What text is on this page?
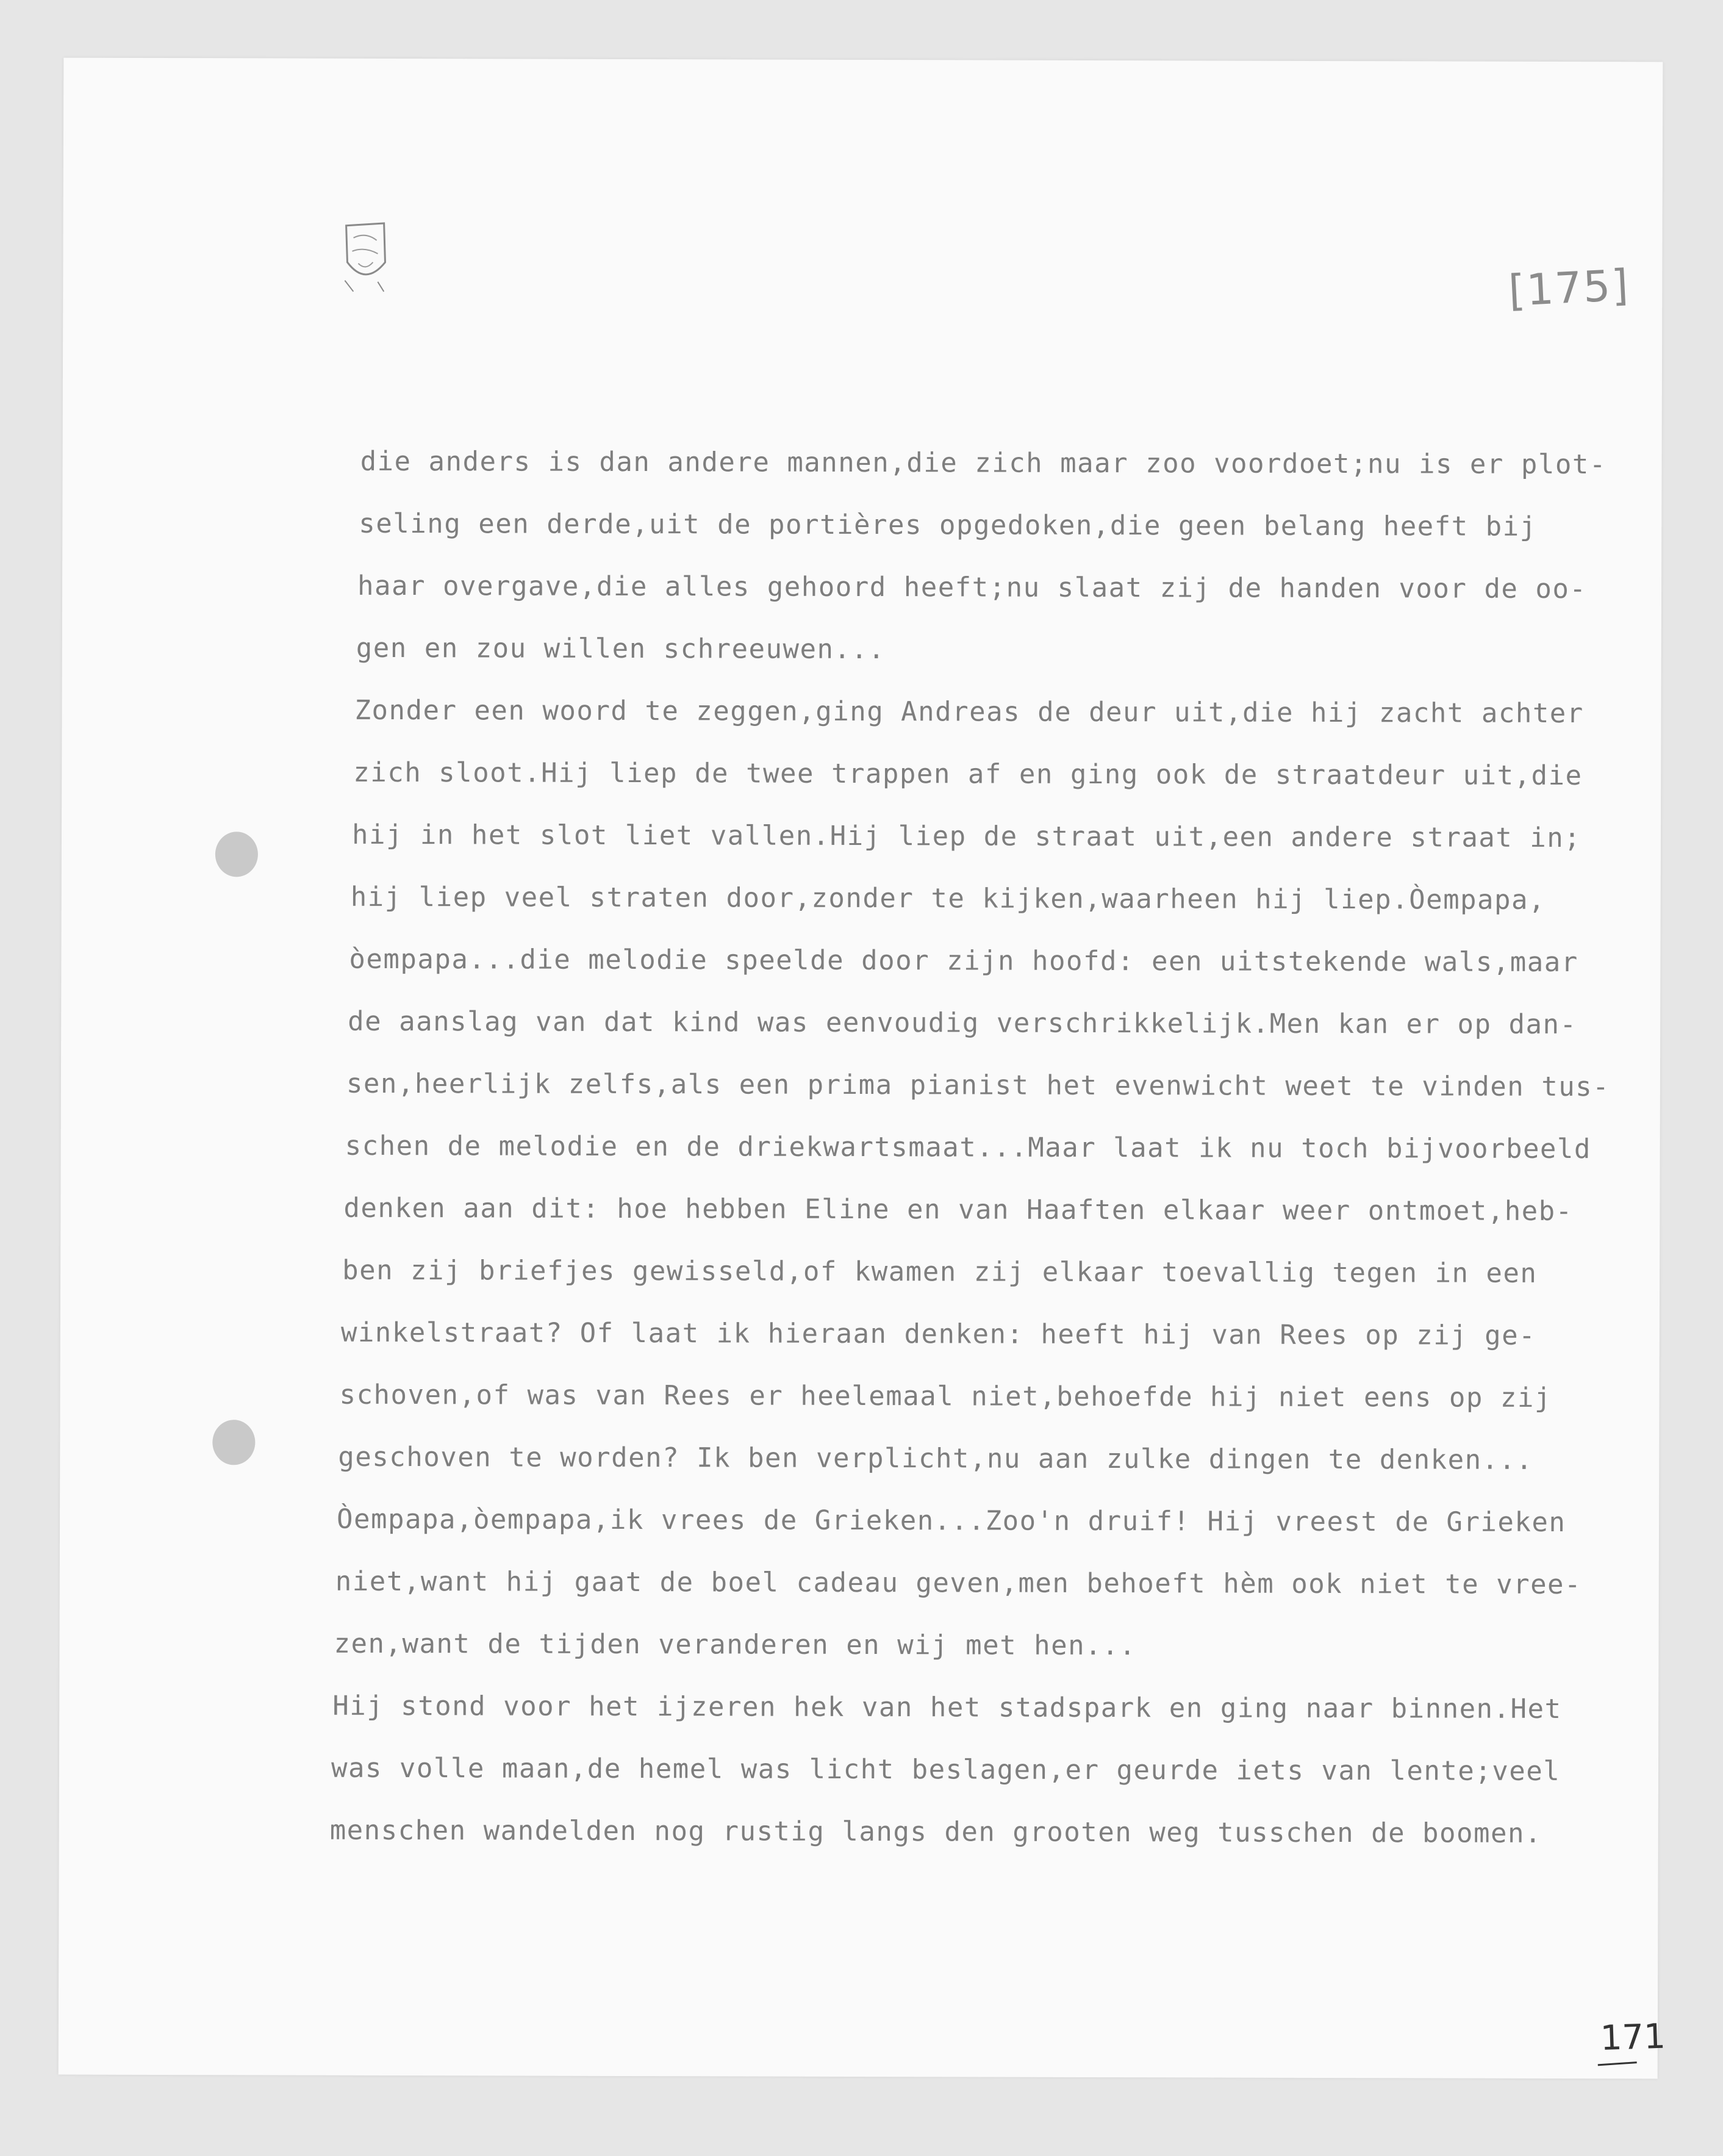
[175]
die anders is dan andere mannen,die zich maar zoo voordoet;nu is er plot-
seling een derde,uit de portières opgedoken,die geen belang heeft bij
haar overgave,die alles gehoord heeft;nu slaat zij de handen voor de oo-
gen en zou willen schreeuwen...
Zonder een woord te zeggen,ging Andreas de deur uit,die hij zacht achter
zich sloot.Hij liep de twee trappen af en ging ook de straatdeur uit,die
hij in het slot liet vallen.Hij liep de straat uit,een andere straat in;
hij liep veel straten door,zonder te kijken,waarheen hij liep.Òempapa,
òempapa...die melodie speelde door zijn hoofd: een uitstekende wals,maar
de aanslag van dat kind was eenvoudig verschrikkelijk.Men kan er op dan-
sen,heerlijk zelfs,als een prima pianist het evenwicht weet te vinden tus-
schen de melodie en de driekwartsmaat...Maar laat ik nu toch bijvoorbeeld
denken aan dit: hoe hebben Eline en van Haaften elkaar weer ontmoet,heb-
ben zij briefjes gewisseld,of kwamen zij elkaar toevallig tegen in een
winkelstraat? Of laat ik hieraan denken: heeft hij van Rees op zij ge-
schoven,of was van Rees er heelemaal niet,behoefde hij niet eens op zij
geschoven te worden? Ik ben verplicht,nu aan zulke dingen te denken...
Òempapa,òempapa,ik vrees de Grieken...Zoo'n druif! Hij vreest de Grieken
niet,want hij gaat de boel cadeau geven,men behoeft hèm ook niet te vree-
zen,want de tijden veranderen en wij met hen...
Hij stond voor het ijzeren hek van het stadspark en ging naar binnen.Het
was volle maan,de hemel was licht beslagen,er geurde iets van lente;veel
menschen wandelden nog rustig langs den grooten weg tusschen de boomen.
171
